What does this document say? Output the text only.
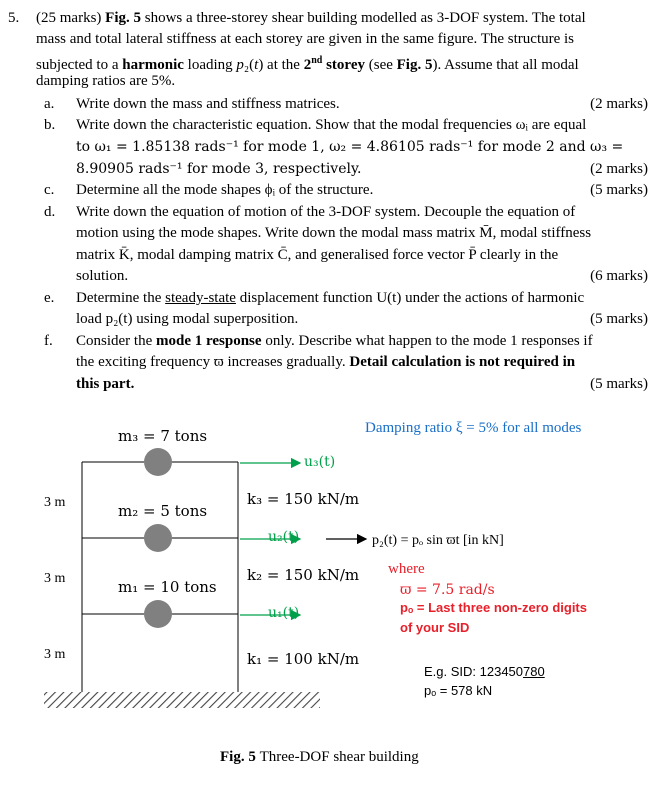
5. (25 marks) Fig. 5 shows a three-storey shear building modelled as 3-DOF system. The total
mass and total lateral stiffness at each storey are given in the same figure. The structure is
subjected to a harmonic loading p₂(t) at the 2nd storey (see Fig. 5). Assume that all modal
damping ratios are 5%.
a. Write down the mass and stiffness matrices.	(2 marks)
b. Write down the characteristic equation. Show that the modal frequencies ωᵢ are equal
to ω₁ = 1.85138 rads⁻¹ for mode 1, ω₂ = 4.86105 rads⁻¹ for mode 2 and ω₃ =
8.90905 rads⁻¹ for mode 3, respectively.	(2 marks)
c. Determine all the mode shapes ϕᵢ of the structure.	(5 marks)
d. Write down the equation of motion of the 3-DOF system. Decouple the equation of
motion using the mode shapes. Write down the modal mass matrix M̄, modal stiffness
matrix K̄, modal damping matrix C̄, and generalised force vector P̄ clearly in the
solution.	(6 marks)
e. Determine the steady-state displacement function U(t) under the actions of harmonic
load p₂(t) using modal superposition.	(5 marks)
f. Consider the mode 1 response only. Describe what happen to the mode 1 responses if
the exciting frequency ϖ increases gradually. Detail calculation is not required in
this part.	(5 marks)
m₃ = 7 tons
m₂ = 5 tons
m₁ = 10 tons
3 m
3 m
3 m
k₃ = 150 kN/m
k₂ = 150 kN/m
k₁ = 100 kN/m
u₃(t)
u₂(t)
u₁(t)
Damping ratio ξ = 5% for all modes
p₂(t) = pₒ sin ϖt [in kN]
where
ϖ = 7.5 rad/s
pₒ = Last three non-zero digits
of your SID
E.g. SID: 123450780
pₒ = 578 kN
Fig. 5 Three-DOF shear building
